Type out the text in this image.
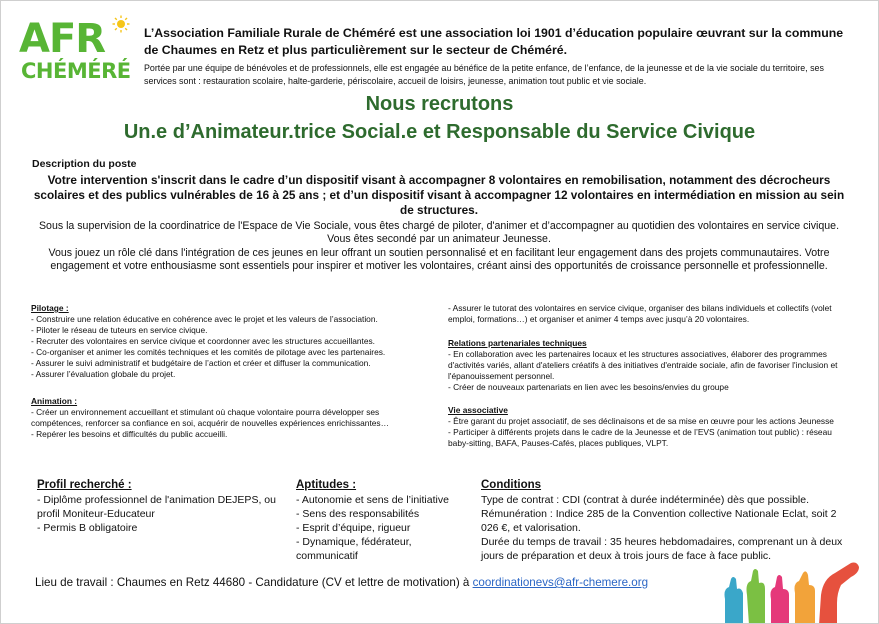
AFR
CHÉMÉRÉ
L’Association Familiale Rurale de Chéméré est une association loi 1901 d’éducation populaire œuvrant sur la commune de Chaumes en Retz et plus particulièrement sur le secteur de Chéméré.
Portée par une équipe de bénévoles et de professionnels, elle est engagée au bénéfice de la petite enfance, de l’enfance, de la jeunesse et de la vie sociale du territoire, ses services sont : restauration scolaire, halte-garderie, périscolaire, accueil de loisirs, jeunesse, animation tout public et vie sociale.
Nous recrutons
Un.e d’Animateur.trice Social.e et Responsable du Service Civique
Description du poste
Votre intervention s'inscrit dans le cadre d’un dispositif visant à accompagner 8 volontaires en remobilisation, notamment des décrocheurs scolaires et des publics vulnérables de 16 à 25 ans ; et d’un dispositif visant à accompagner 12 volontaires en intermédiation en mission au sein de structures.
Sous la supervision de la coordinatrice de l'Espace de Vie Sociale, vous êtes chargé de piloter, d'animer et d’accompagner au quotidien des volontaires en service civique. Vous êtes secondé par un animateur Jeunesse.
Vous jouez un rôle clé dans l'intégration de ces jeunes en leur offrant un soutien personnalisé et en facilitant leur engagement dans des projets communautaires. Votre engagement et votre enthousiasme sont essentiels pour inspirer et motiver les volontaires, créant ainsi des opportunités de croissance personnelle et professionnelle.
Pilotage :
- Construire une relation éducative en cohérence avec le projet et les valeurs de l’association.
- Piloter le réseau de tuteurs en service civique.
- Recruter des volontaires en service civique et coordonner avec les structures accueillantes.
- Co-organiser et animer les comités techniques et les comités de pilotage avec les partenaires.
- Assurer le suivi administratif et budgétaire de l’action et créer et diffuser la communication.
- Assurer l’évaluation globale du projet.
Animation :
- Créer un environnement accueillant et stimulant où chaque volontaire pourra développer ses compétences, renforcer sa confiance en soi, acquérir de nouvelles expériences enrichissantes…
- Repérer les besoins et difficultés du public accueilli.
- Assurer le tutorat des volontaires en service civique, organiser des bilans individuels et collectifs (volet emploi, formations…) et organiser et animer 4 temps avec jusqu’à 20 volontaires.
Relations partenariales techniques
- En collaboration avec les partenaires locaux et les structures associatives, élaborer des programmes d'activités variés, allant d'ateliers créatifs à des initiatives d'entraide sociale, afin de favoriser l'inclusion et l'épanouissement personnel.
- Créer de nouveaux partenariats en lien avec les besoins/envies du groupe
Vie associative
- Être garant du projet associatif, de ses déclinaisons et de sa mise en œuvre pour les actions Jeunesse
- Participer à différents projets dans le cadre de la Jeunesse et de l’EVS (animation tout public) : réseau baby-sitting, BAFA, Pauses-Cafés, places publiques, VLPT.
Profil recherché :
- Diplôme professionnel de l'animation DEJEPS, ou profil Moniteur-Educateur
- Permis B obligatoire
Aptitudes :
- Autonomie et sens de l’initiative
- Sens des responsabilités
- Esprit d’équipe, rigueur
- Dynamique, fédérateur, communicatif
Conditions
Type de contrat : CDI (contrat à durée indéterminée) dès que possible.
Rémunération : Indice 285 de la Convention collective Nationale Eclat, soit 2 026 €, et valorisation.
Durée du temps de travail : 35 heures hebdomadaires, comprenant un à deux jours de préparation et deux à trois jours de face à face public.
Lieu de travail : Chaumes en Retz 44680 - Candidature (CV et lettre de motivation) à coordinationevs@afr-chemere.org
